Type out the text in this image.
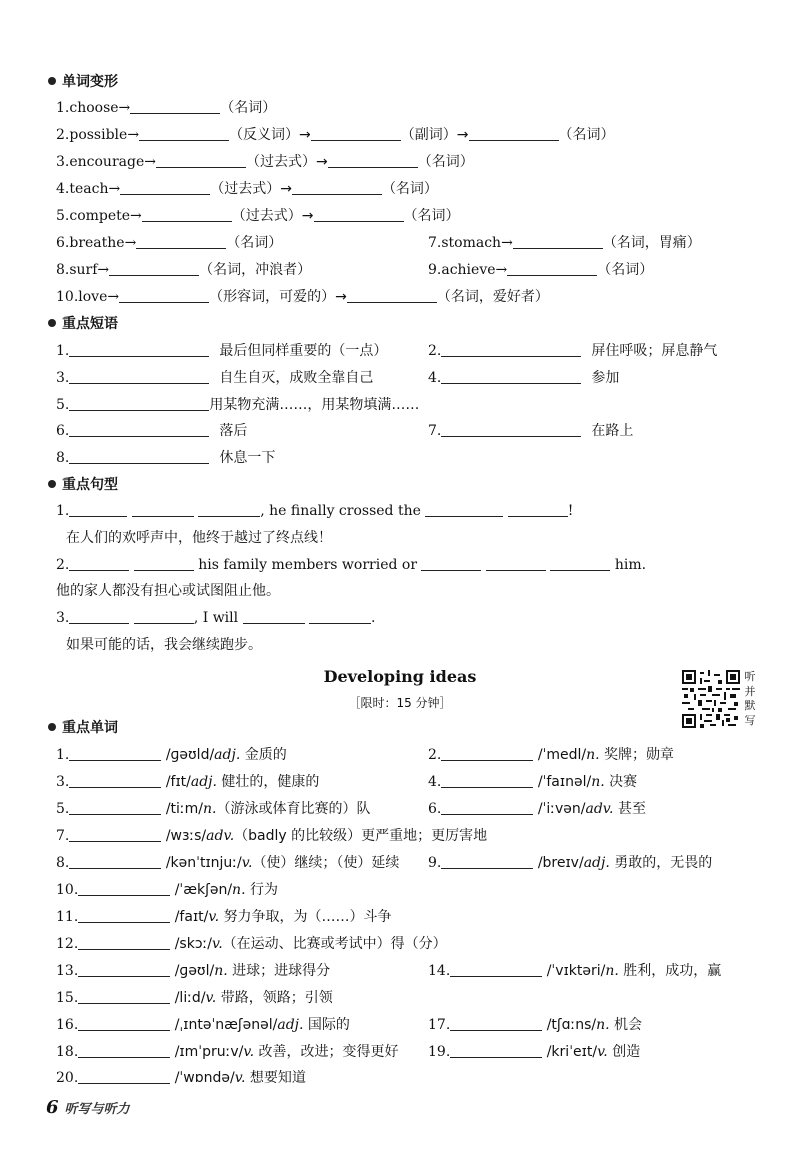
单词变形
1.choose→	（名词）
2.possible→	（反义词）→	（副词）→	（名词）
3.encourage→	（过去式）→	（名词）
4.teach→	（过去式）→	（名词）
5.compete→	（过去式）→	（名词）
6.breathe→	（名词）	7.stomach→	（名词，胃痛）
8.surf→	（名词，冲浪者）	9.achieve→	（名词）
10.love→	（形容词，可爱的）→	（名词，爱好者）
重点短语
1.	最后但同样重要的（一点）	2.	屏住呼吸；屏息静气
3.	自生自灭，成败全靠自己	4.	参加
5.	用某物充满……，用某物填满……
6.	落后	7.	在路上
8.	休息一下
重点句型
1.	, he finally crossed the	!
在人们的欢呼声中，他终于越过了终点线！
2.	his family members worried or	him.
他的家人都没有担心或试图阻止他。
3.	, I will	.
如果可能的话，我会继续跑步。
Developing ideas
［限时：15 分钟］
听
并
默
写
重点单词
1.	/ɡəʊld/adj. 金质的	2.	/ˈmedl/n. 奖牌；勋章
3.	/fɪt/adj. 健壮的，健康的	4.	/ˈfaɪnəl/n. 决赛
5.	/tiːm/n.（游泳或体育比赛的）队	6.	/ˈiːvən/adv. 甚至
7.	/wɜːs/adv.（badly 的比较级）更严重地；更厉害地
8.	/kənˈtɪnjuː/v.（使）继续；（使）延续 9.	/breɪv/adj. 勇敢的，无畏的
10.	/ˈækʃən/n. 行为
11.	/faɪt/v. 努力争取，为（……）斗争
12.	/skɔː/v.（在运动、比赛或考试中）得（分）
13.	/ɡəʊl/n. 进球；进球得分	14.	/ˈvɪktəri/n. 胜利，成功，赢
15.	/liːd/v. 带路，领路；引领
16.	/ˌɪntəˈnæʃənəl/adj. 国际的	17.	/tʃɑːns/n. 机会
18.	/ɪmˈpruːv/v. 改善，改进；变得更好 19.	/kriˈeɪt/v. 创造
20.	/ˈwɒndə/v. 想要知道
6 听写与听力
